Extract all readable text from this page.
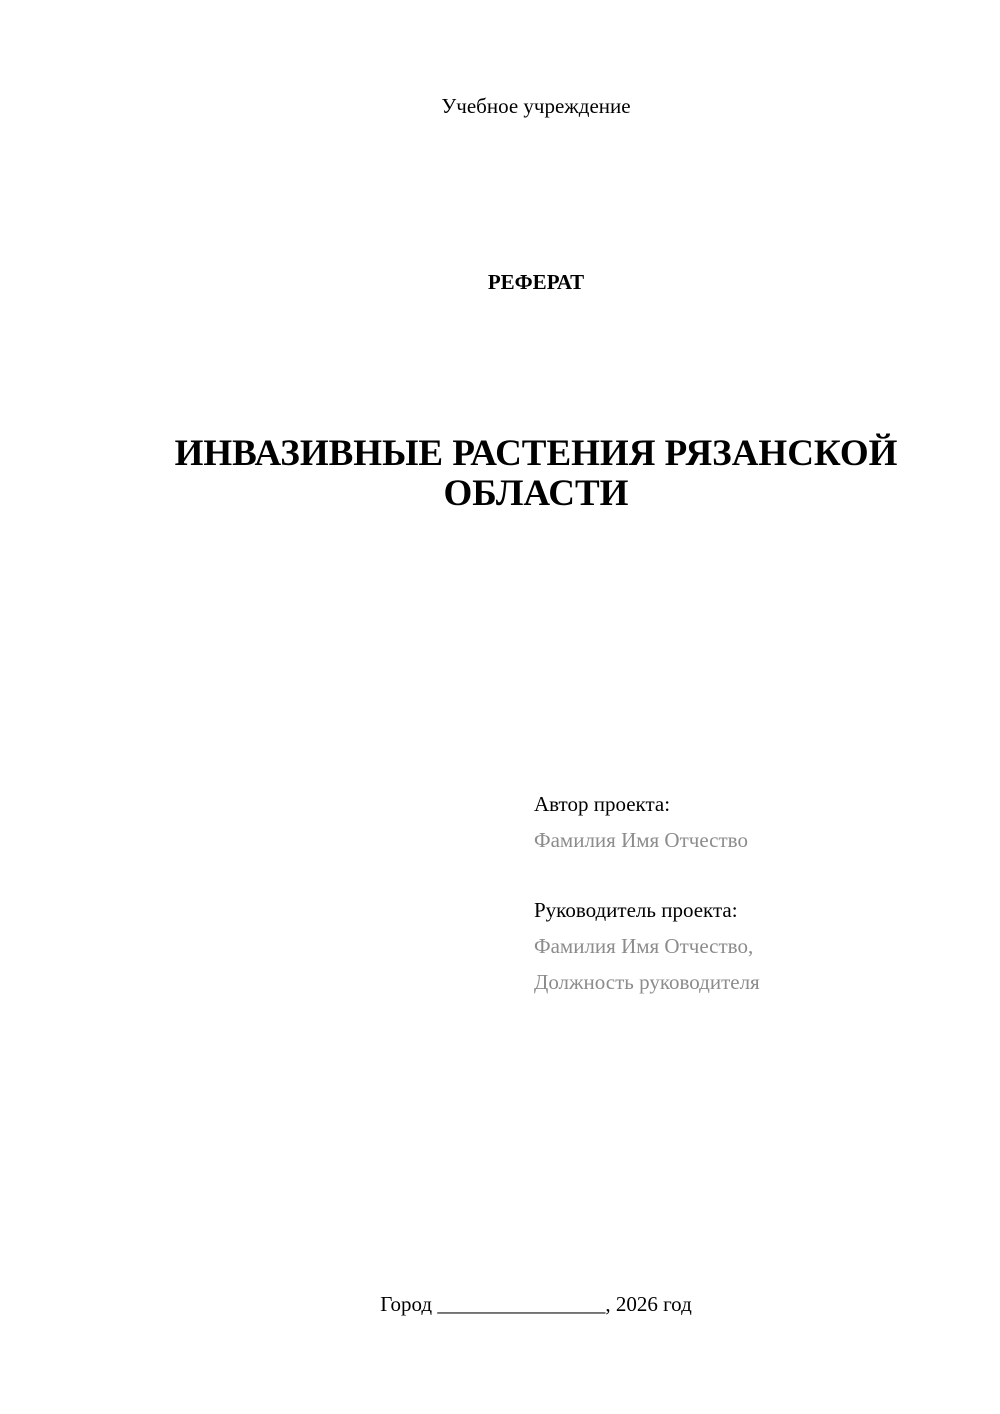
Учебное учреждение
РЕФЕРАТ
ИНВАЗИВНЫЕ РАСТЕНИЯ РЯЗАНСКОЙ
ОБЛАСТИ
Автор проекта:
Фамилия Имя Отчество
Руководитель проекта:
Фамилия Имя Отчество,
Должность руководителя
Город ________________, 2026 год
